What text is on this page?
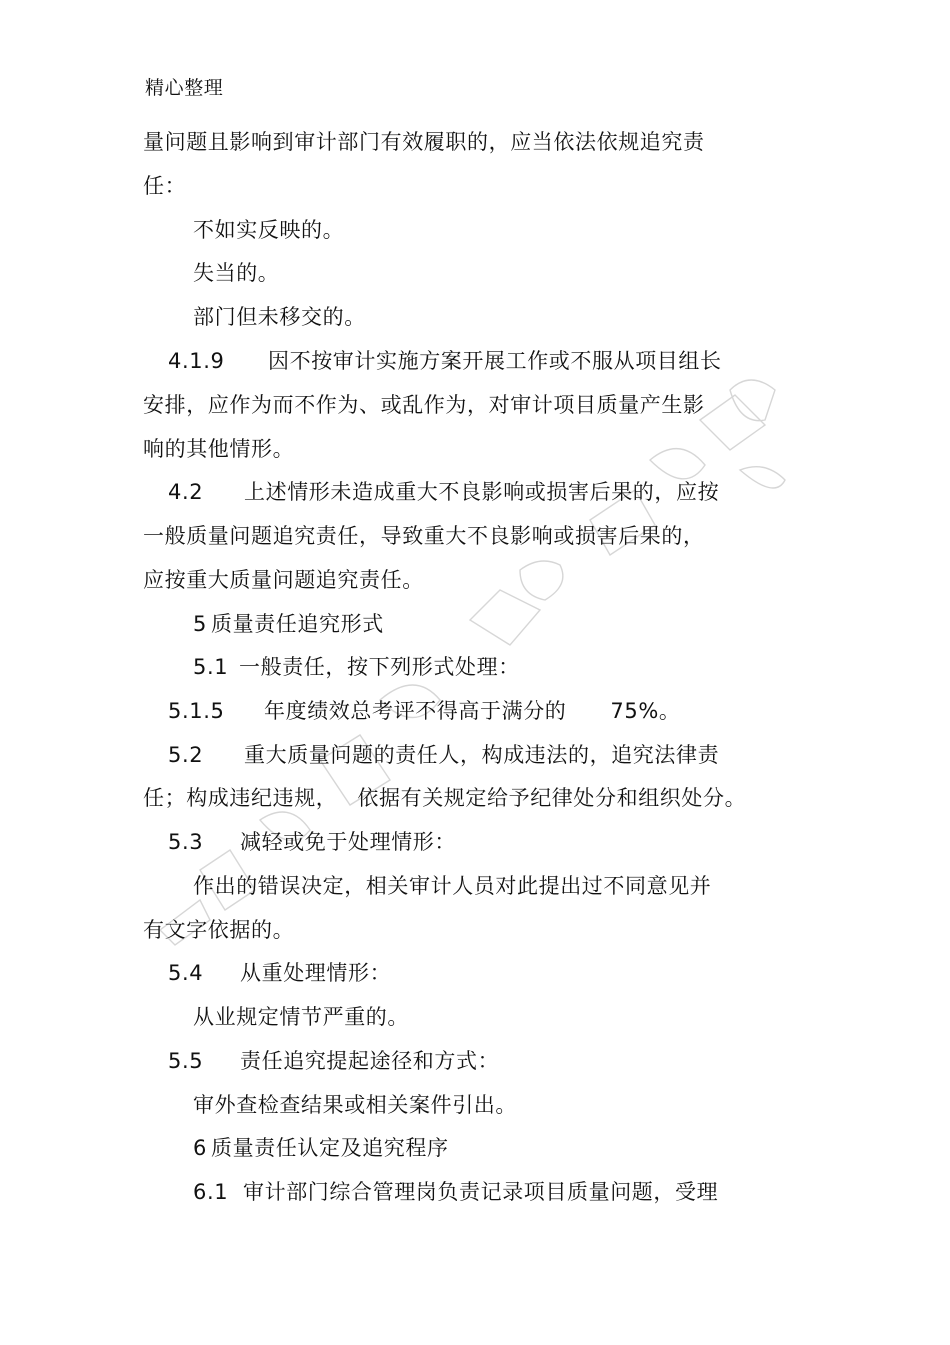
精心整理
量问题且影响到审计部门有效履职的，应当依法依规追究责
任：
不如实反映的。
失当的。
部门但未移交的。
4.1.9 因不按审计实施方案开展工作或不服从项目组长
安排，应作为而不作为、或乱作为，对审计项目质量产生影
响的其他情形。
4.2 上述情形未造成重大不良影响或损害后果的，应按
一般质量问题追究责任，导致重大不良影响或损害后果的，
应按重大质量问题追究责任。
5 质量责任追究形式
5.1 一般责任，按下列形式处理：
5.1.5 年度绩效总考评不得高于满分的 75%。
5.2 重大质量问题的责任人，构成违法的，追究法律责
任；构成违纪违规， 依据有关规定给予纪律处分和组织处分。
5.3 减轻或免于处理情形：
作出的错误决定，相关审计人员对此提出过不同意见并
有文字依据的。
5.4 从重处理情形：
从业规定情节严重的。
5.5 责任追究提起途径和方式：
审外查检查结果或相关案件引出。
6 质量责任认定及追究程序
6.1 审计部门综合管理岗负责记录项目质量问题，受理
